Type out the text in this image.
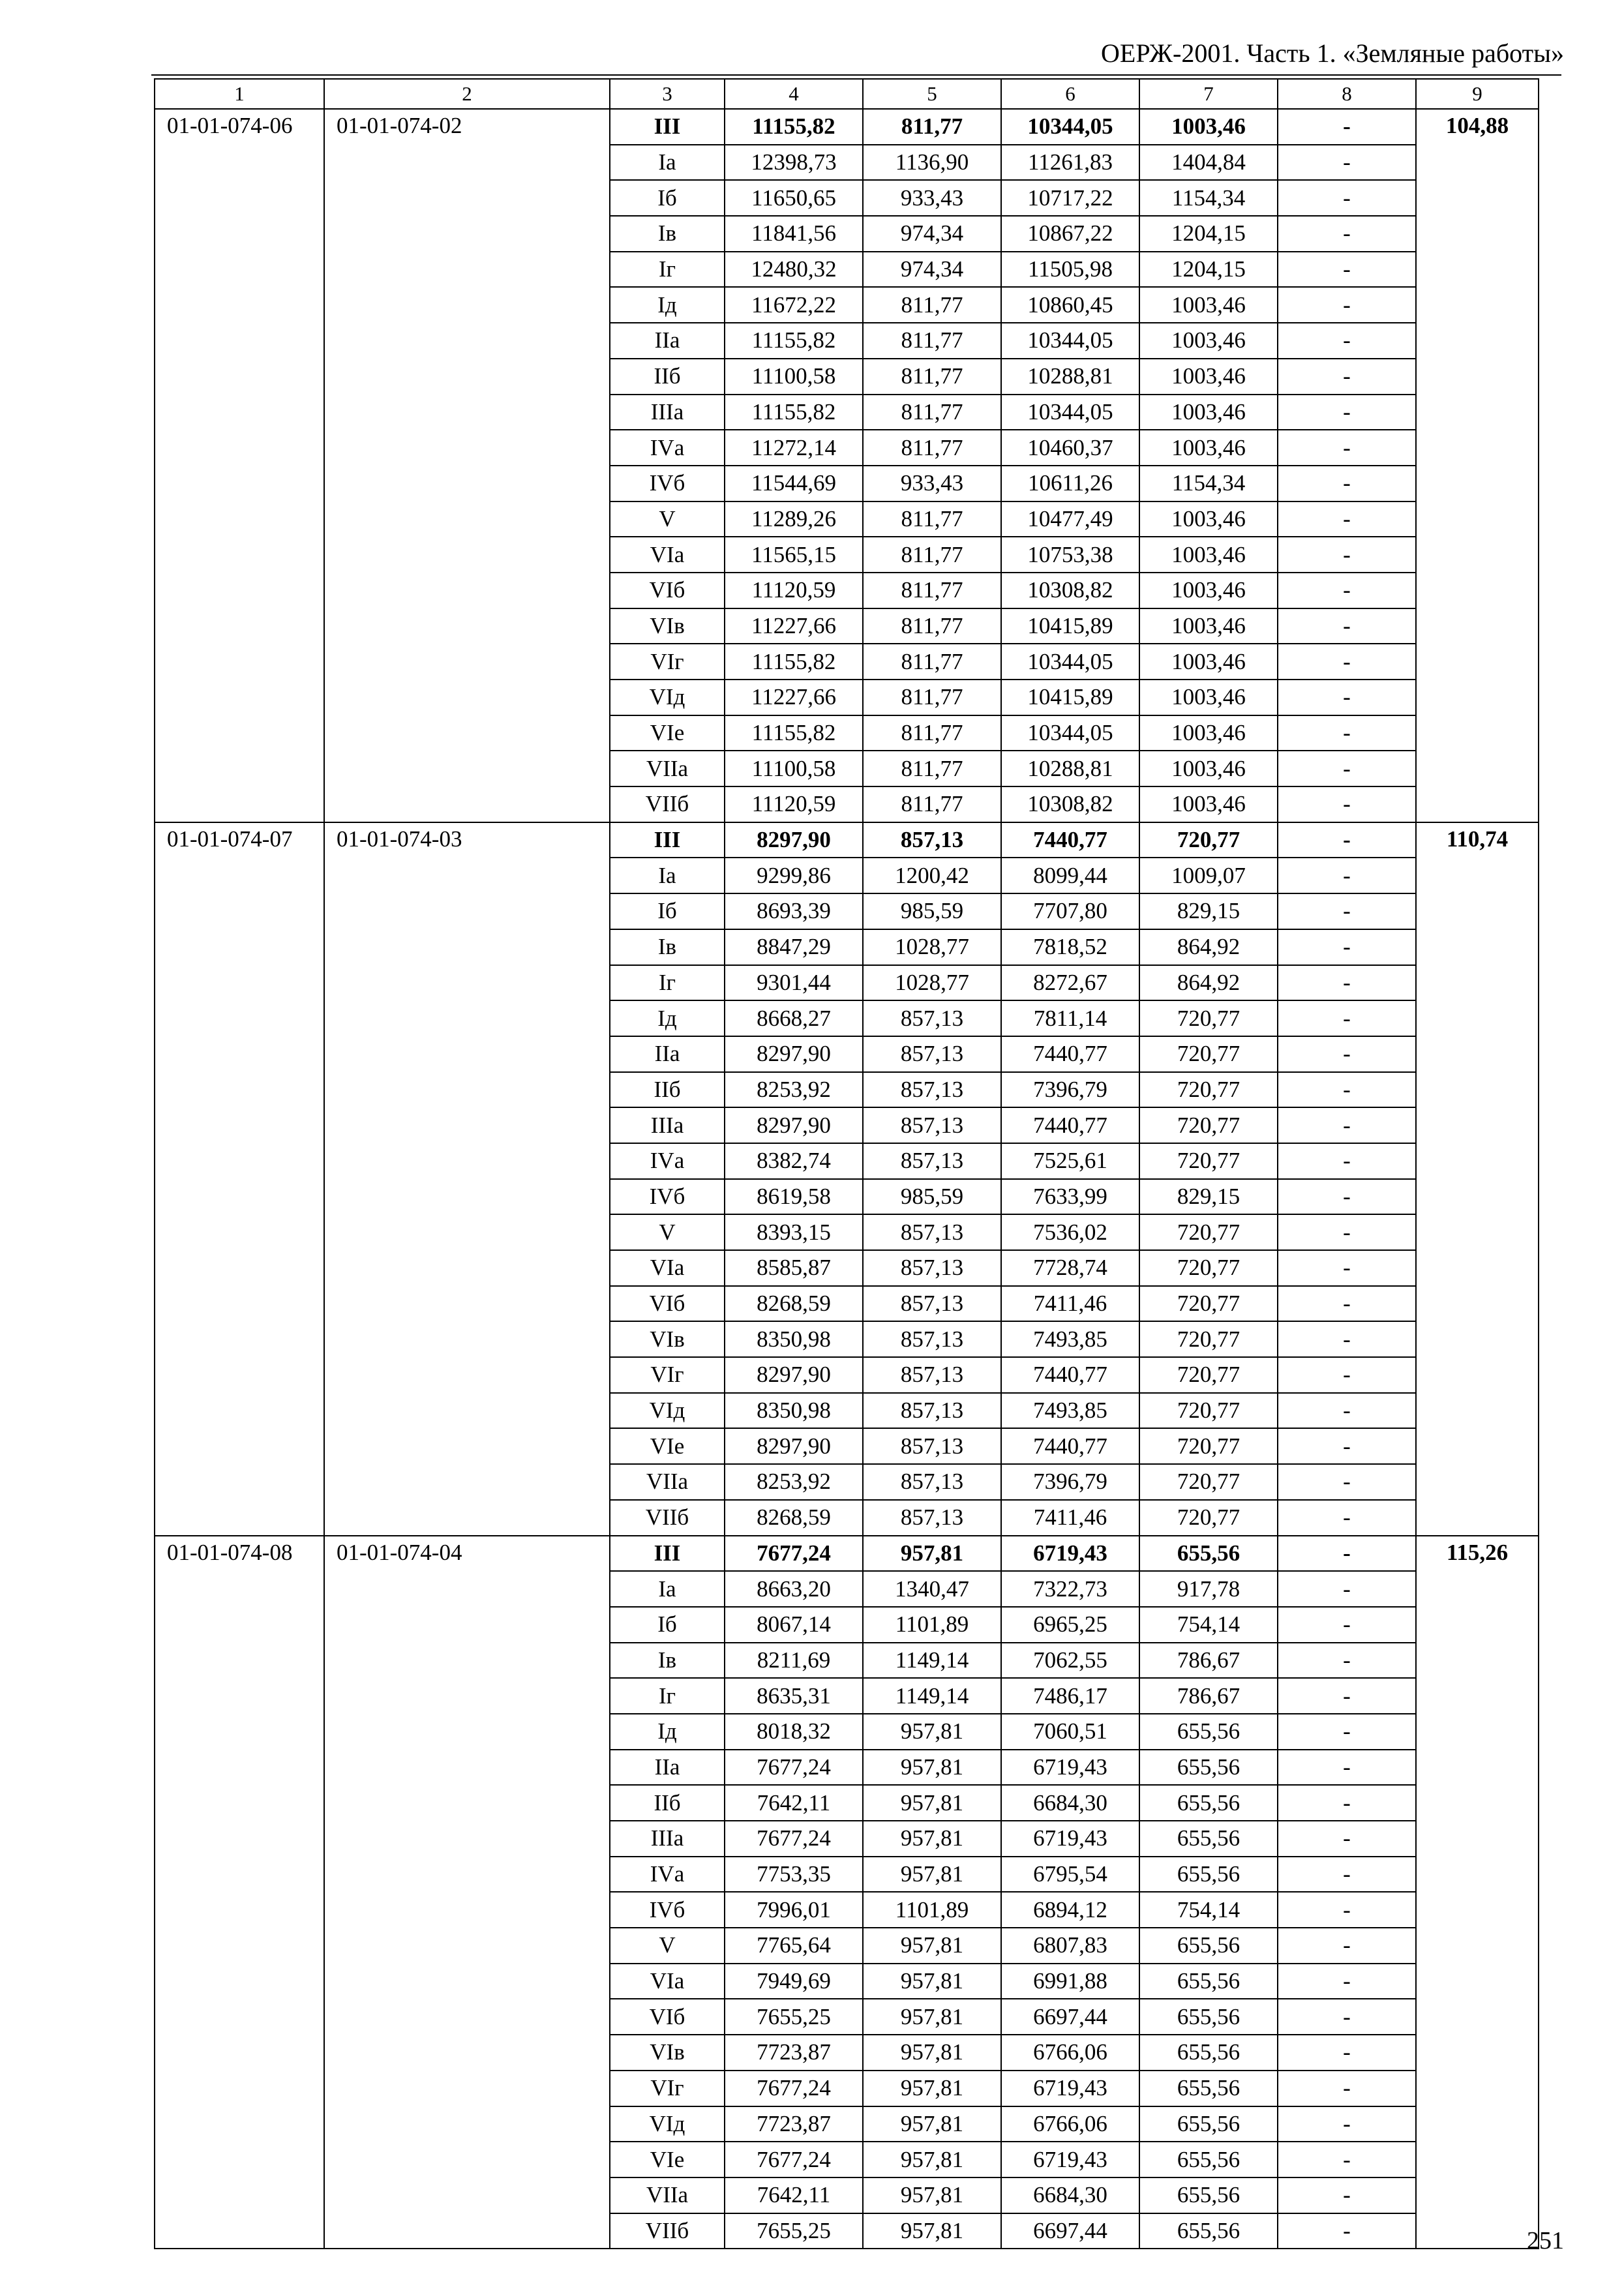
ОЕРЖ-2001. Часть 1. «Земляные работы»
1	2	3	4	5	6	7	8	9
01-01-074-06	01-01-074-02	III	11155,82	811,77	10344,05	1003,46	-	104,88
		Iа	12398,73	1136,90	11261,83	1404,84	-	
		Iб	11650,65	933,43	10717,22	1154,34	-	
		Iв	11841,56	974,34	10867,22	1204,15	-	
		Iг	12480,32	974,34	11505,98	1204,15	-	
		Iд	11672,22	811,77	10860,45	1003,46	-	
		IIа	11155,82	811,77	10344,05	1003,46	-	
		IIб	11100,58	811,77	10288,81	1003,46	-	
		IIIа	11155,82	811,77	10344,05	1003,46	-	
		IVа	11272,14	811,77	10460,37	1003,46	-	
		IVб	11544,69	933,43	10611,26	1154,34	-	
		V	11289,26	811,77	10477,49	1003,46	-	
		VIа	11565,15	811,77	10753,38	1003,46	-	
		VIб	11120,59	811,77	10308,82	1003,46	-	
		VIв	11227,66	811,77	10415,89	1003,46	-	
		VIг	11155,82	811,77	10344,05	1003,46	-	
		VIд	11227,66	811,77	10415,89	1003,46	-	
		VIе	11155,82	811,77	10344,05	1003,46	-	
		VIIа	11100,58	811,77	10288,81	1003,46	-	
		VIIб	11120,59	811,77	10308,82	1003,46	-	
01-01-074-07	01-01-074-03	III	8297,90	857,13	7440,77	720,77	-	110,74
		Iа	9299,86	1200,42	8099,44	1009,07	-	
		Iб	8693,39	985,59	7707,80	829,15	-	
		Iв	8847,29	1028,77	7818,52	864,92	-	
		Iг	9301,44	1028,77	8272,67	864,92	-	
		Iд	8668,27	857,13	7811,14	720,77	-	
		IIа	8297,90	857,13	7440,77	720,77	-	
		IIб	8253,92	857,13	7396,79	720,77	-	
		IIIа	8297,90	857,13	7440,77	720,77	-	
		IVа	8382,74	857,13	7525,61	720,77	-	
		IVб	8619,58	985,59	7633,99	829,15	-	
		V	8393,15	857,13	7536,02	720,77	-	
		VIа	8585,87	857,13	7728,74	720,77	-	
		VIб	8268,59	857,13	7411,46	720,77	-	
		VIв	8350,98	857,13	7493,85	720,77	-	
		VIг	8297,90	857,13	7440,77	720,77	-	
		VIд	8350,98	857,13	7493,85	720,77	-	
		VIе	8297,90	857,13	7440,77	720,77	-	
		VIIа	8253,92	857,13	7396,79	720,77	-	
		VIIб	8268,59	857,13	7411,46	720,77	-	
01-01-074-08	01-01-074-04	III	7677,24	957,81	6719,43	655,56	-	115,26
		Iа	8663,20	1340,47	7322,73	917,78	-	
		Iб	8067,14	1101,89	6965,25	754,14	-	
		Iв	8211,69	1149,14	7062,55	786,67	-	
		Iг	8635,31	1149,14	7486,17	786,67	-	
		Iд	8018,32	957,81	7060,51	655,56	-	
		IIа	7677,24	957,81	6719,43	655,56	-	
		IIб	7642,11	957,81	6684,30	655,56	-	
		IIIа	7677,24	957,81	6719,43	655,56	-	
		IVа	7753,35	957,81	6795,54	655,56	-	
		IVб	7996,01	1101,89	6894,12	754,14	-	
		V	7765,64	957,81	6807,83	655,56	-	
		VIа	7949,69	957,81	6991,88	655,56	-	
		VIб	7655,25	957,81	6697,44	655,56	-	
		VIв	7723,87	957,81	6766,06	655,56	-	
		VIг	7677,24	957,81	6719,43	655,56	-	
		VIд	7723,87	957,81	6766,06	655,56	-	
		VIе	7677,24	957,81	6719,43	655,56	-	
		VIIа	7642,11	957,81	6684,30	655,56	-	
		VIIб	7655,25	957,81	6697,44	655,56	-		251
